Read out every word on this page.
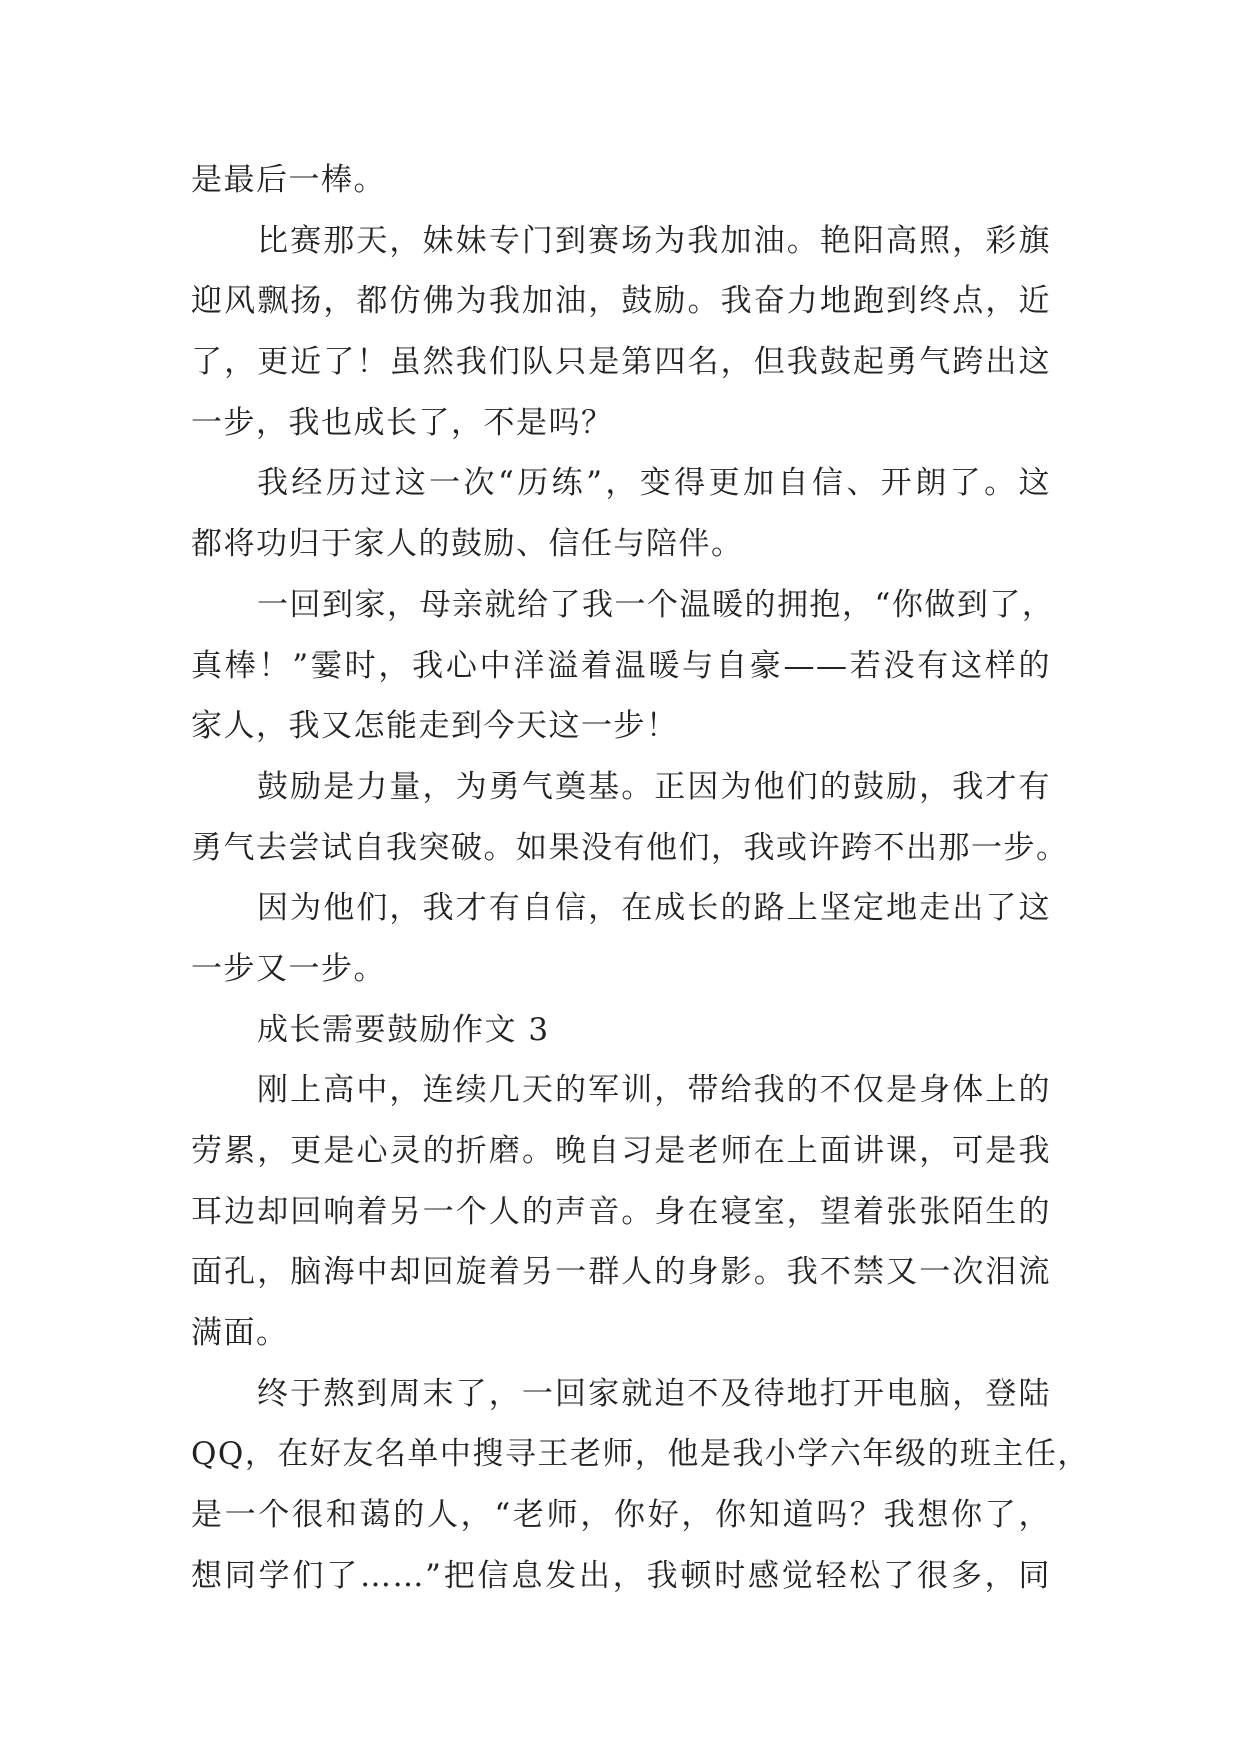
是最后一棒。
比赛那天，妹妹专门到赛场为我加油。艳阳高照，彩旗
迎风飘扬，都仿佛为我加油，鼓励。我奋力地跑到终点，近
了，更近了！虽然我们队只是第四名，但我鼓起勇气跨出这
一步，我也成长了，不是吗？
我经历过这一次“历练”，变得更加自信、开朗了。这
都将功归于家人的鼓励、信任与陪伴。
一回到家，母亲就给了我一个温暖的拥抱，“你做到了，
真棒！”霎时，我心中洋溢着温暖与自豪——若没有这样的
家人，我又怎能走到今天这一步！
鼓励是力量，为勇气奠基。正因为他们的鼓励，我才有
勇气去尝试自我突破。如果没有他们，我或许跨不出那一步。
因为他们，我才有自信，在成长的路上坚定地走出了这
一步又一步。
成长需要鼓励作文 3
刚上高中，连续几天的军训，带给我的不仅是身体上的
劳累，更是心灵的折磨。晚自习是老师在上面讲课，可是我
耳边却回响着另一个人的声音。身在寝室，望着张张陌生的
面孔，脑海中却回旋着另一群人的身影。我不禁又一次泪流
满面。
终于熬到周末了，一回家就迫不及待地打开电脑，登陆
QQ，在好友名单中搜寻王老师，他是我小学六年级的班主任，
是一个很和蔼的人，“老师，你好，你知道吗？我想你了，
想同学们了……”把信息发出，我顿时感觉轻松了很多，同
